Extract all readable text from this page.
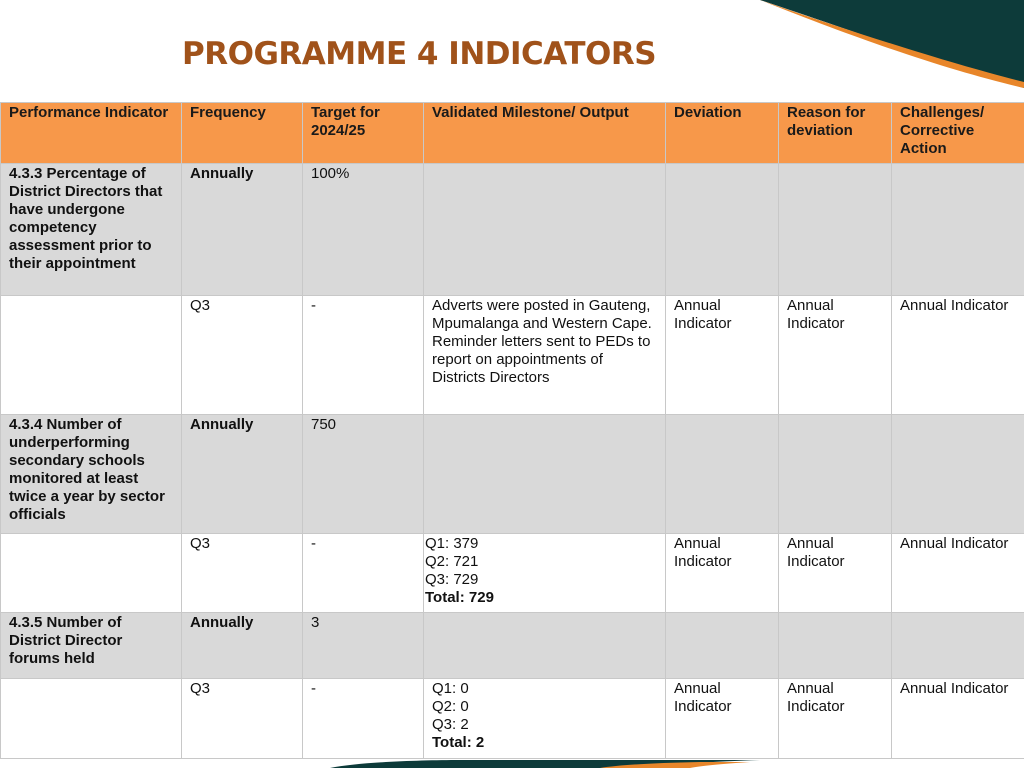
PROGRAMME 4 INDICATORS
Performance Indicator	Frequency	Target for 2024/25	Validated Milestone/ Output	Deviation	Reason for deviation	Challenges/ Corrective Action
4.3.3 Percentage of District Directors that have undergone competency assessment prior to their appointment	Annually	100%				
	Q3	-	Adverts were posted in Gauteng, Mpumalanga and Western Cape. Reminder letters sent to PEDs to report on appointments of Districts Directors	Annual Indicator	Annual Indicator	Annual Indicator
4.3.4 Number of underperforming secondary schools monitored at least twice a year by sector officials	Annually	750				
	Q3	-	Q1: 379
Q2: 721
Q3: 729
Total: 729	Annual Indicator	Annual Indicator	Annual Indicator
4.3.5 Number of District Director forums held	Annually	3				
	Q3	-	Q1: 0
Q2: 0
Q3: 2
Total: 2	Annual Indicator	Annual Indicator	Annual Indicator
